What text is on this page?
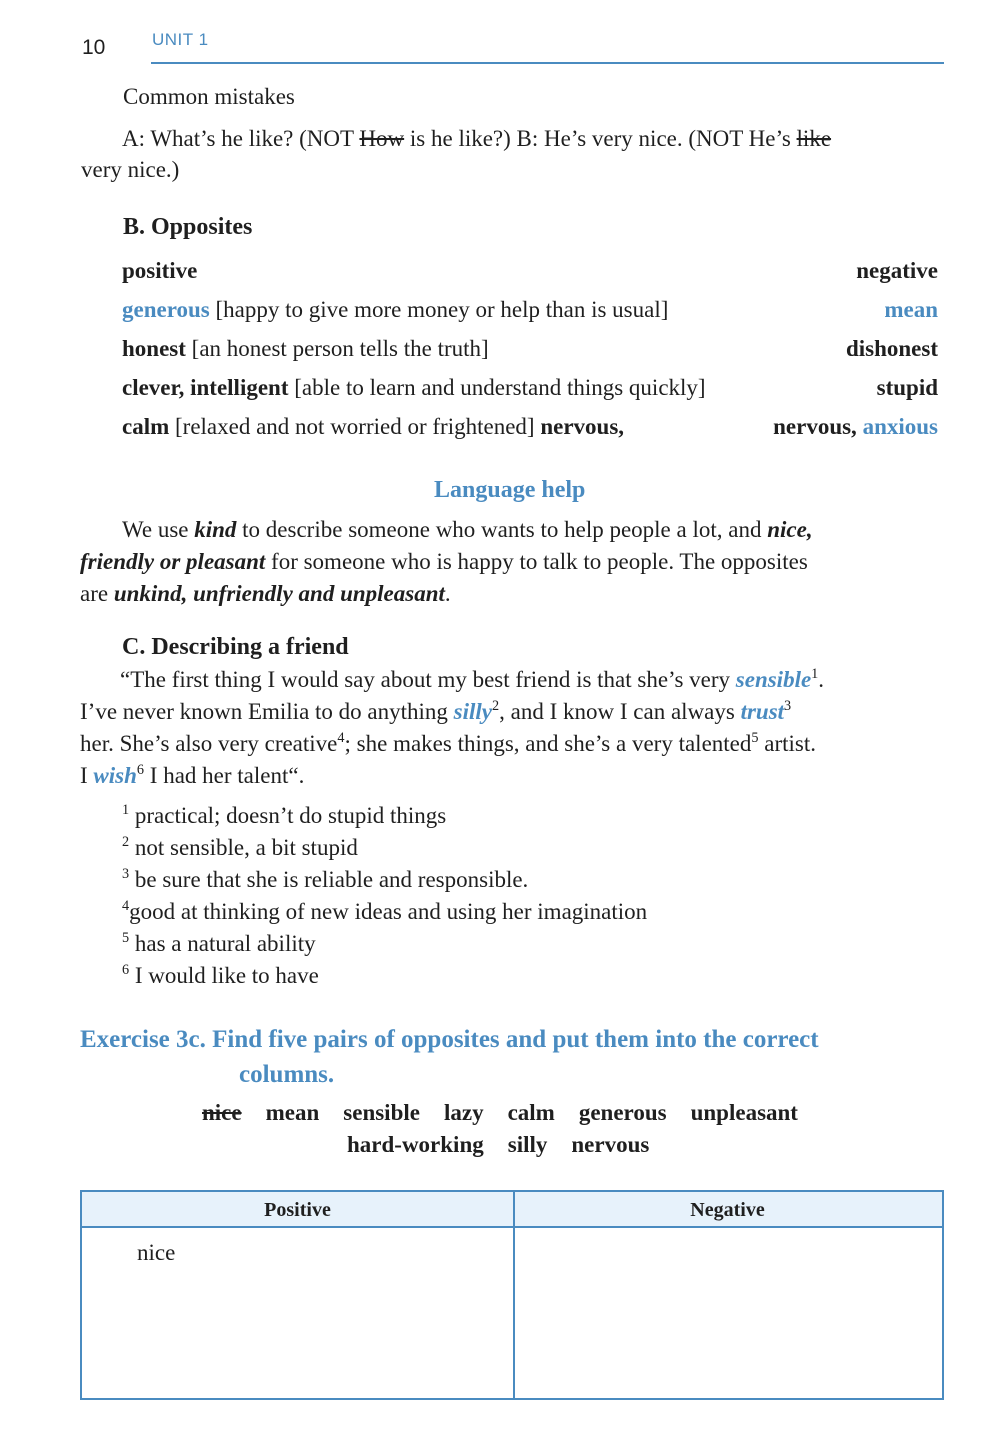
10	UNIT 1
Common mistakes
A: What’s he like? (NOT How is he like?) B: He’s very nice. (NOT He’s like
very nice.)
B. Opposites
positive	negative
generous [happy to give more money or help than is usual]	mean
honest [an honest person tells the truth]	dishonest
clever, intelligent [able to learn and understand things quickly]	stupid
calm [relaxed and not worried or frightened] nervous,	nervous, anxious
Language help
We use kind to describe someone who wants to help people a lot, and nice,
friendly or pleasant for someone who is happy to talk to people. The opposites
are unkind, unfriendly and unpleasant.
C. Describing a friend
“The first thing I would say about my best friend is that she’s very sensible$^1$.
I’ve never known Emilia to do anything silly$^2$, and I know I can always trust$^3$
her. She’s also very creative$^4$; she makes things, and she’s a very talented$^5$ artist.
I wish$^6$ I had her talent“.
$^1$ practical; doesn’t do stupid things
$^2$ not sensible, a bit stupid
$^3$ be sure that she is reliable and responsible.
$^4$good at thinking of new ideas and using her imagination
$^5$ has a natural ability
$^6$ I would like to have
Exercise 3c. Find five pairs of opposites and put them into the correct
columns.
nice mean sensible lazy calm generous unpleasant
hard-working silly nervous
Positive	Negative
nice
